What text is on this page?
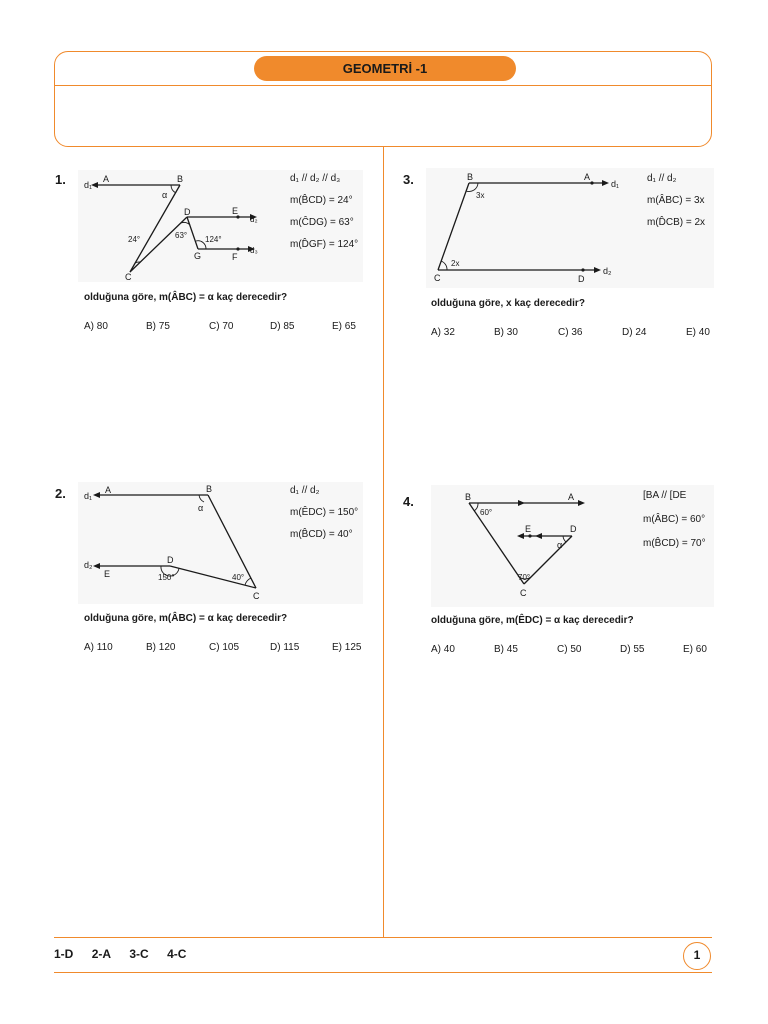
GEOMETRİ -1
1. d₁
A	B
α
D	E
d₂
63° 124°
24°
G	F
d₃
C
d₁ // d₂ // d₃
m(B̂CD) = 24°
m(ĈDG) = 63°
m(D̂GF) = 124°
olduğuna göre, m(ÂBC) = α kaç derecedir?
A) 80	B) 75	C) 70	D) 85	E) 65
2. d₁
A	B
α
d₂
E
D
150°	40°
C
d₁ // d₂
m(ÊDC) = 150°
m(B̂CD) = 40°
olduğuna göre, m(ÂBC) = α kaç derecedir?
A) 110	B) 120	C) 105	D) 115	E) 125
3.	B
3x
A
d₁
2x
C	D
d₂
d₁ // d₂
m(ÂBC) = 3x
m(D̂CB) = 2x
olduğuna göre, x kaç derecedir?
A) 32	B) 30	C) 36	D) 24	E) 40
4.	B
60°
A
E	D
α
70°
C
[BA // [DE
m(ÂBC) = 60°
m(B̂CD) = 70°
olduğuna göre, m(ÊDC) = α kaç derecedir?
A) 40	B) 45	C) 50	D) 55	E) 60
1-D 2-A 3-C 4-C	1
